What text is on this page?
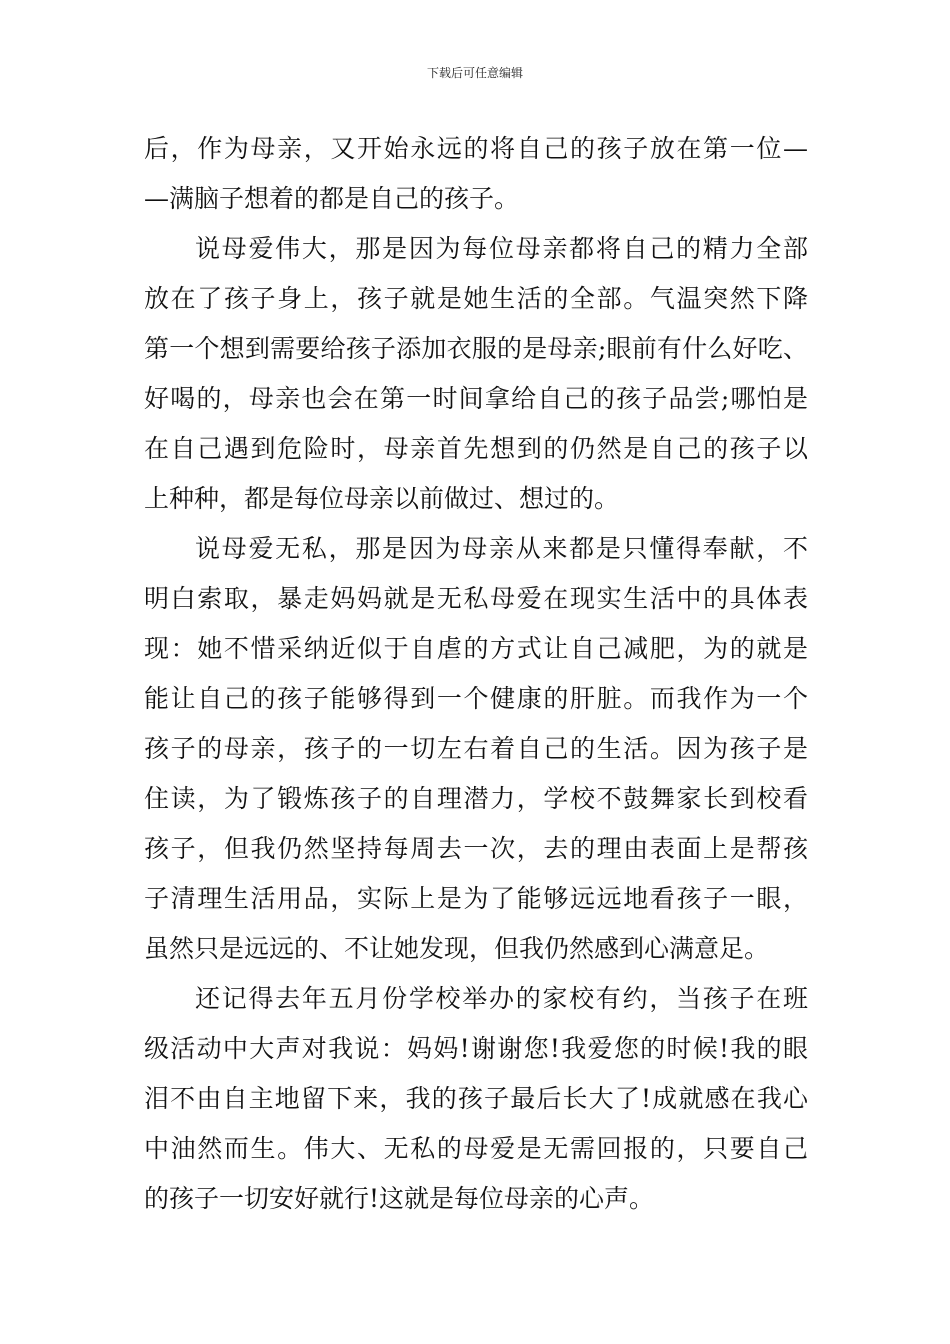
下载后可任意编辑
后，作为母亲，又开始永远的将自己的孩子放在第一位—
—满脑子想着的都是自己的孩子。
说母爱伟大，那是因为每位母亲都将自己的精力全部
放在了孩子身上，孩子就是她生活的全部。气温突然下降
第一个想到需要给孩子添加衣服的是母亲;眼前有什么好吃、
好喝的，母亲也会在第一时间拿给自己的孩子品尝;哪怕是
在自己遇到危险时，母亲首先想到的仍然是自己的孩子以
上种种，都是每位母亲以前做过、想过的。
说母爱无私，那是因为母亲从来都是只懂得奉献，不
明白索取，暴走妈妈就是无私母爱在现实生活中的具体表
现：她不惜采纳近似于自虐的方式让自己减肥，为的就是
能让自己的孩子能够得到一个健康的肝脏。而我作为一个
孩子的母亲，孩子的一切左右着自己的生活。因为孩子是
住读，为了锻炼孩子的自理潜力，学校不鼓舞家长到校看
孩子，但我仍然坚持每周去一次，去的理由表面上是帮孩
子清理生活用品，实际上是为了能够远远地看孩子一眼，
虽然只是远远的、不让她发现，但我仍然感到心满意足。
还记得去年五月份学校举办的家校有约，当孩子在班
级活动中大声对我说：妈妈!谢谢您!我爱您的时候!我的眼
泪不由自主地留下来，我的孩子最后长大了!成就感在我心
中油然而生。伟大、无私的母爱是无需回报的，只要自己
的孩子一切安好就行!这就是每位母亲的心声。
